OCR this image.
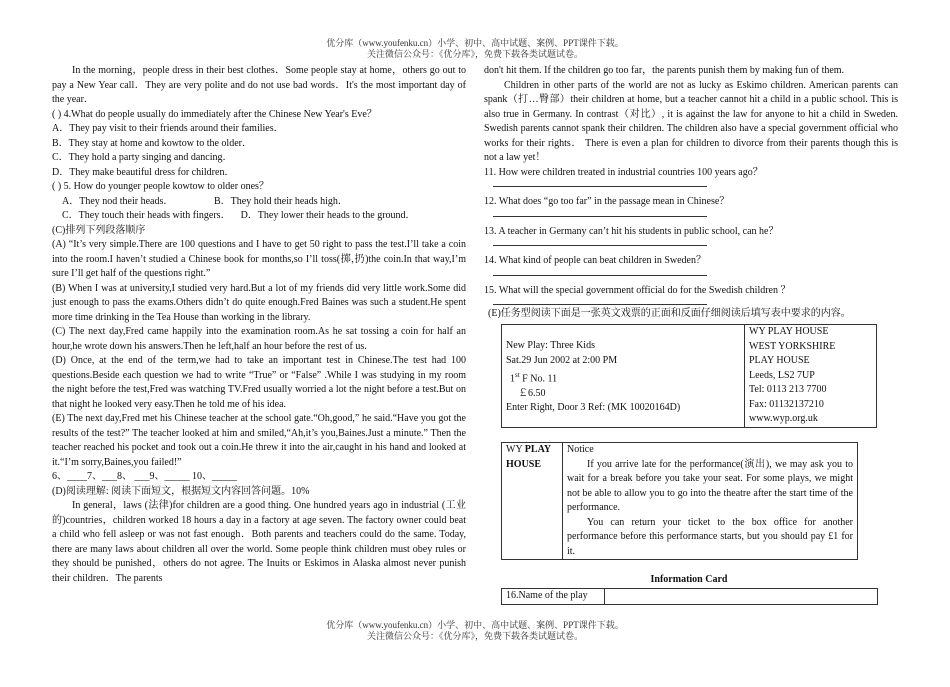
优分库（www.youfenku.cn）小学、初中、高中试题、案例、PPT课件下载。
关注微信公众号：《优分库》，免费下载各类试题试卷。

In the morning，people dress in their best clothes．Some people stay at home，others go out to pay a New Year call．They are very polite and do not use bad words．It's the most important day of the year．

( ) 4.What do people usually do immediately after the Chinese New Year's Eve？

A．They pay visit to their friends around their families．

B．They stay at home and kowtow to the older．

C．They hold a party singing and dancing．

D．They make beautiful dress for children．

( ) 5. How do younger people kowtow to older ones？

A．They nod their heads．	B．They hold their heads high．
C．They touch their heads with fingers． D．They lower their heads to the ground．

(C)排列下列段落顺序

(A) “It’s very simple.There are 100 questions and I have to get 50 right to pass the test.I’ll take a coin into the room.I haven’t studied a Chinese book for months,so I’ll toss(掷,扔)the coin.In that way,I’m sure I’ll get half of the questions right.”

(B) When I was at university,I studied very hard.But a lot of my friends did very little work.Some did just enough to pass the exams.Others didn’t do quite enough.Fred Baines was such a student.He spent more time drinking in the Tea House than working in the library.

(C) The next day,Fred came happily into the examination room.As he sat tossing a coin for half an hour,he wrote down his answers.Then he left,half an hour before the rest of us.

(D) Once, at the end of the term,we had to take an important test in Chinese.The test had 100 questions.Beside each question we had to write “True” or “False” .While I was studying in my room the night before the test,Fred was watching TV.Fred usually worried a lot the night before a test.But on that night he looked very easy.Then he told me of his idea.

(E) The next day,Fred met his Chinese teacher at the school gate.“Oh,good,” he said.“Have you got the results of the test?” The teacher looked at him and smiled,“Ah,it’s you,Baines.Just a minute.” Then the teacher reached his pocket and took out a coin.He threw it into the air,caught in his hand and looked at it.“I’m sorry,Baines,you failed!”

6、____7、___8、 ___9、_____ 10、_____

(D)阅读理解: 阅读下面短文，根据短文内容回答问题。10%

In general，laws (法律)for children are a good thing. One hundred years ago in industrial (工业的)countries，children worked 18 hours a day in a factory at age seven. The factory owner could beat a child who fell asleep or was not fast enough．Both parents and teachers could do the same. Today, there are many laws about children all over the world. Some people think children must obey rules or they should be punished，others do not agree. The Inuits or Eskimos in Alaska almost never punish their children．The parents

don't hit them. If the children go too far，the parents punish them by making fun of them.

Children in other parts of the world are not as lucky as Eskimo children. American parents can spank（打…臀部）their children at home, but a teacher cannot hit a child in a public school. This is also true in Germany. In contrast（对比）, it is against the law for anyone to hit a child in Sweden. Swedish parents cannot spank their children. The children also have a special government official who works for their rights． There is even a plan for children to divorce from their parents though this is not a law yet！

11. How were children treated in industrial countries 100 years ago？

12. What does “go too far” in the passage mean in Chinese？

13. A teacher in Germany can’t hit his students in public school, can he？

14. What kind of people can beat children in Sweden？

15. What will the special government official do for the Swedish children ？

(E)任务型阅读下面是一张英文戏票的正面和反面仔细阅读后填写表中要求的内容。

New Play: Three Kids
Sat.29 Jun 2002 at 2:00 PM
1st F No. 11
￡6.50
Enter Right, Door 3 Ref: (MK 10020164D)

WY PLAY HOUSE
WEST YORKSHIRE
PLAY HOUSE
Leeds, LS2 7UP
Tel: 0113 213 7700
Fax: 01132137210
www.wyp.org.uk
WY PLAY
HOUSE

Notice

If you arrive late for the performance(演出), we may ask you to wait for a break before you take your seat. For some plays, we might not be able to allow you to go into the theatre after the start time of the performance.

You can return your ticket to the box office for another performance before this performance starts, but you should pay £1 for it.

Information Card
16.Name of the play	
优分库（www.youfenku.cn）小学、初中、高中试题、案例、PPT课件下载。
关注微信公众号：《优分库》，免费下载各类试题试卷。
